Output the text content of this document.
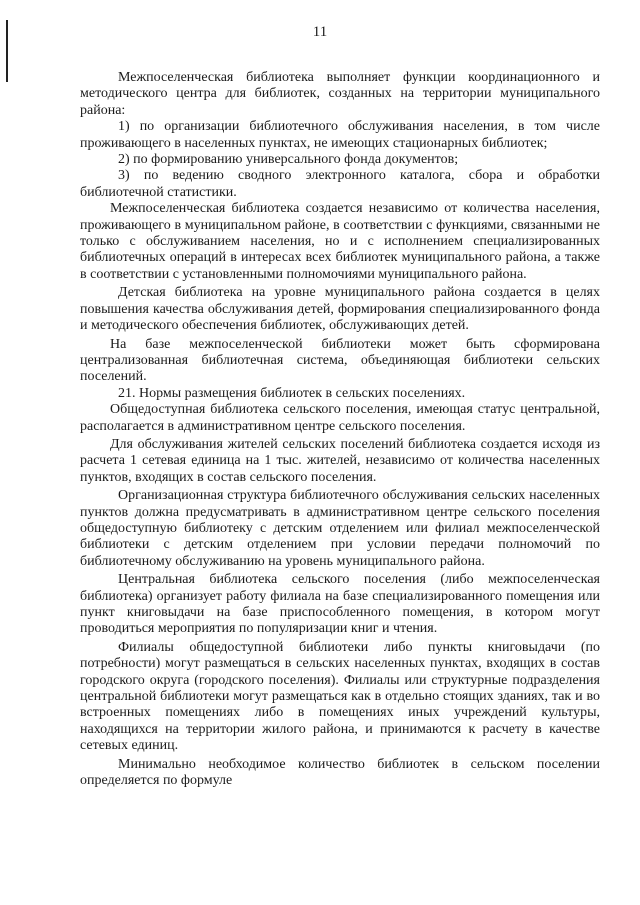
11

Межпоселенческая библиотека выполняет функции координационного и методического центра для библиотек, созданных на территории муниципального района:

1) по организации библиотечного обслуживания населения, в том числе проживающего в населенных пунктах, не имеющих стационарных библиотек;

2) по формированию универсального фонда документов;

3) по ведению сводного электронного каталога, сбора и обработки библиотечной статистики.

Межпоселенческая библиотека создается независимо от количества населения, проживающего в муниципальном районе, в соответствии с функциями, связанными не только с обслуживанием населения, но и с исполнением специализированных библиотечных операций в интересах всех библиотек муниципального района, а также в соответствии с установленными полномочиями муниципального района.

Детская библиотека на уровне муниципального района создается в целях повышения качества обслуживания детей, формирования специализированного фонда и методического обеспечения библиотек, обслуживающих детей.

На базе межпоселенческой библиотеки может быть сформирована централизованная библиотечная система, объединяющая библиотеки сельских поселений.

21. Нормы размещения библиотек в сельских поселениях.

Общедоступная библиотека сельского поселения, имеющая статус центральной, располагается в административном центре сельского поселения.

Для обслуживания жителей сельских поселений библиотека создается исходя из расчета 1 сетевая единица на 1 тыс. жителей, независимо от количества населенных пунктов, входящих в состав сельского поселения.

Организационная структура библиотечного обслуживания сельских населенных пунктов должна предусматривать в административном центре сельского поселения общедоступную библиотеку с детским отделением или филиал межпоселенческой библиотеки с детским отделением при условии передачи полномочий по библиотечному обслуживанию на уровень муниципального района.

Центральная библиотека сельского поселения (либо межпоселенческая библиотека) организует работу филиала на базе специализированного помещения или пункт книговыдачи на базе приспособленного помещения, в котором могут проводиться мероприятия по популяризации книг и чтения.

Филиалы общедоступной библиотеки либо пункты книговыдачи (по потребности) могут размещаться в сельских населенных пунктах, входящих в состав городского округа (городского поселения). Филиалы или структурные подразделения центральной библиотеки могут размещаться как в отдельно стоящих зданиях, так и во встроенных помещениях либо в помещениях иных учреждений культуры, находящихся на территории жилого района, и принимаются к расчету в качестве сетевых единиц.

Минимально необходимое количество библиотек в сельском поселении определяется по формуле
